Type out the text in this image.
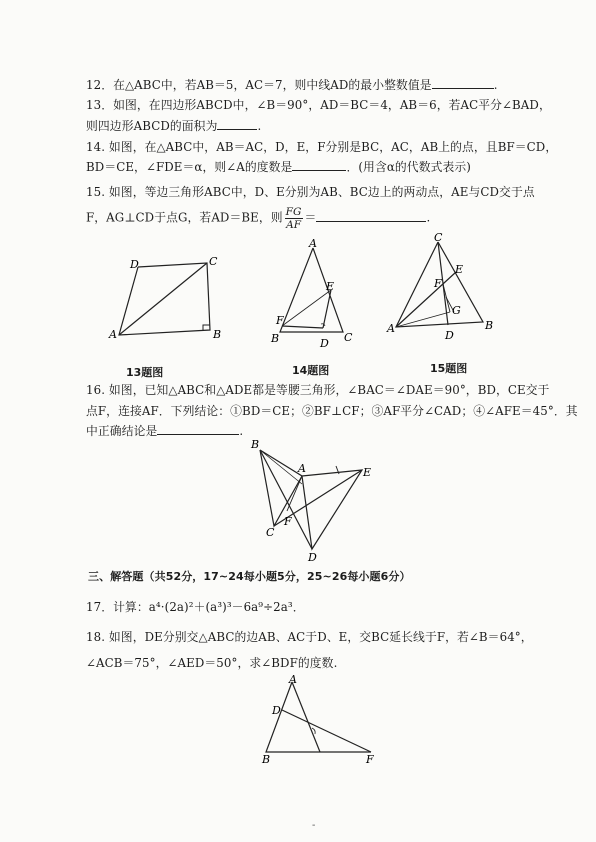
12．在△ABC中，若AB＝5，AC＝7，则中线AD的最小整数值是	.
13．如图，在四边形ABCD中，∠B＝90°，AD＝BC＝4，AB＝6，若AC平分∠BAD，
则四边形ABCD的面积为	.
14. 如图，在△ABC中，AB＝AC，D，E，F分别是BC，AC，AB上的点，且BF＝CD，
BD＝CE，∠FDE＝α，则∠A的度数是	．(用含α的代数式表示)
15. 如图，等边三角形ABC中，D、E分别为AB、BC边上的两动点，AE与CD交于点
F，AG⊥CD于点G，若AD＝BE，则 $\frac{FG}{AF}$ ＝	.
D	C
A	B
13题图
A
E
F
B	D C
14题图
C
E
F
G
A	B
D
15题图
16. 如图，已知△ABC和△ADE都是等腰三角形，∠BAC＝∠DAE＝90°，BD，CE交于
点F，连接AF．下列结论：①BD＝CE；②BF⊥CF；③AF平分∠CAD；④∠AFE＝45°．其
中正确结论是	.
B
A	E
F
C
D
三、解答题（共52分，17~24每小题5分，25~26每小题6分）
17．计算：a⁴·(2a)²＋(a³)³－6a⁹÷2a³．
18. 如图，DE分别交△ABC的边AB、AC于D、E，交BC延长线于F，若∠B＝64°，
∠ACB＝75°，∠AED＝50°，求∠BDF的度数.
A
D
B	F
-
